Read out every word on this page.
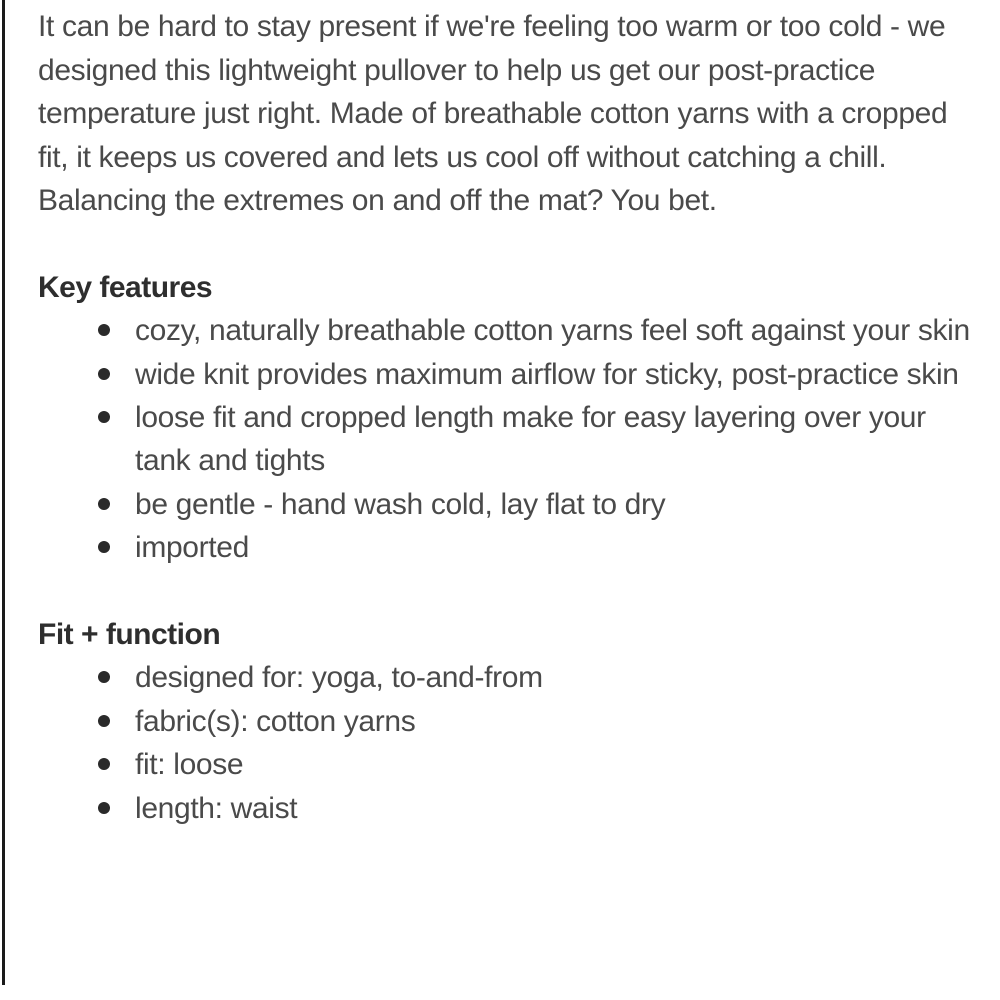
It can be hard to stay present if we're feeling too warm or too cold - we designed this lightweight pullover to help us get our post-practice temperature just right. Made of breathable cotton yarns with a cropped fit, it keeps us covered and lets us cool off without catching a chill. Balancing the extremes on and off the mat? You bet.

Key features
cozy, naturally breathable cotton yarns feel soft against your skin
wide knit provides maximum airflow for sticky, post-practice skin
loose fit and cropped length make for easy layering over your tank and tights
be gentle - hand wash cold, lay flat to dry
imported
Fit + function
designed for: yoga, to-and-from
fabric(s): cotton yarns
fit: loose
length: waist
